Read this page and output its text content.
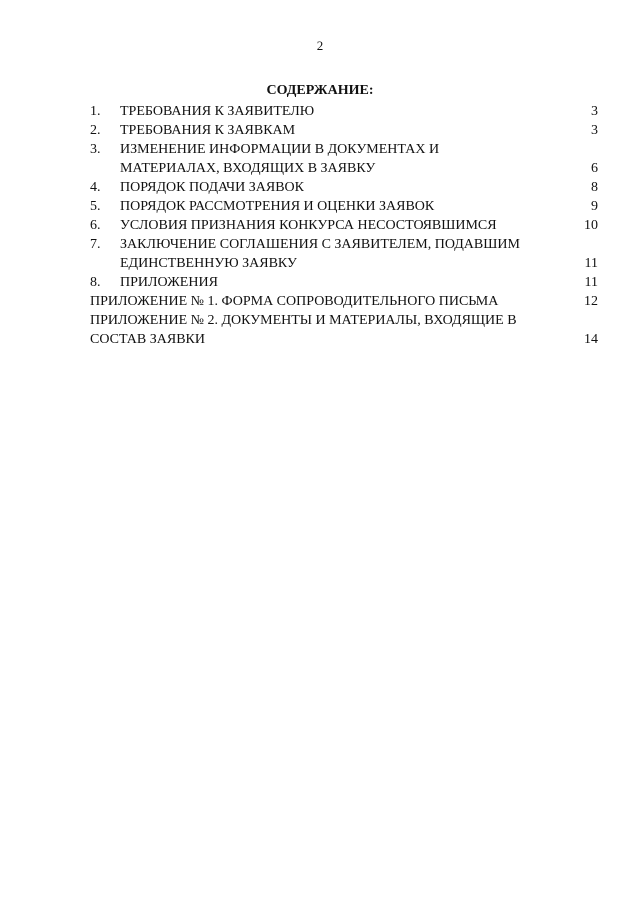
2
СОДЕРЖАНИЕ:
1.	ТРЕБОВАНИЯ К ЗАЯВИТЕЛЮ	3
2.	ТРЕБОВАНИЯ К ЗАЯВКАМ	3
3.	ИЗМЕНЕНИЕ ИНФОРМАЦИИ В ДОКУМЕНТАХ И
МАТЕРИАЛАХ, ВХОДЯЩИХ В ЗАЯВКУ	6
4.	ПОРЯДОК ПОДАЧИ ЗАЯВОК	8
5.	ПОРЯДОК РАССМОТРЕНИЯ И ОЦЕНКИ ЗАЯВОК	9
6.	УСЛОВИЯ ПРИЗНАНИЯ КОНКУРСА НЕСОСТОЯВШИМСЯ	10
7.	ЗАКЛЮЧЕНИЕ СОГЛАШЕНИЯ С ЗАЯВИТЕЛЕМ, ПОДАВШИМ
ЕДИНСТВЕННУЮ ЗАЯВКУ	11
8.	ПРИЛОЖЕНИЯ	11
ПРИЛОЖЕНИЕ № 1. ФОРМА СОПРОВОДИТЕЛЬНОГО ПИСЬМА	12
ПРИЛОЖЕНИЕ № 2. ДОКУМЕНТЫ И МАТЕРИАЛЫ, ВХОДЯЩИЕ В
СОСТАВ ЗАЯВКИ	14
